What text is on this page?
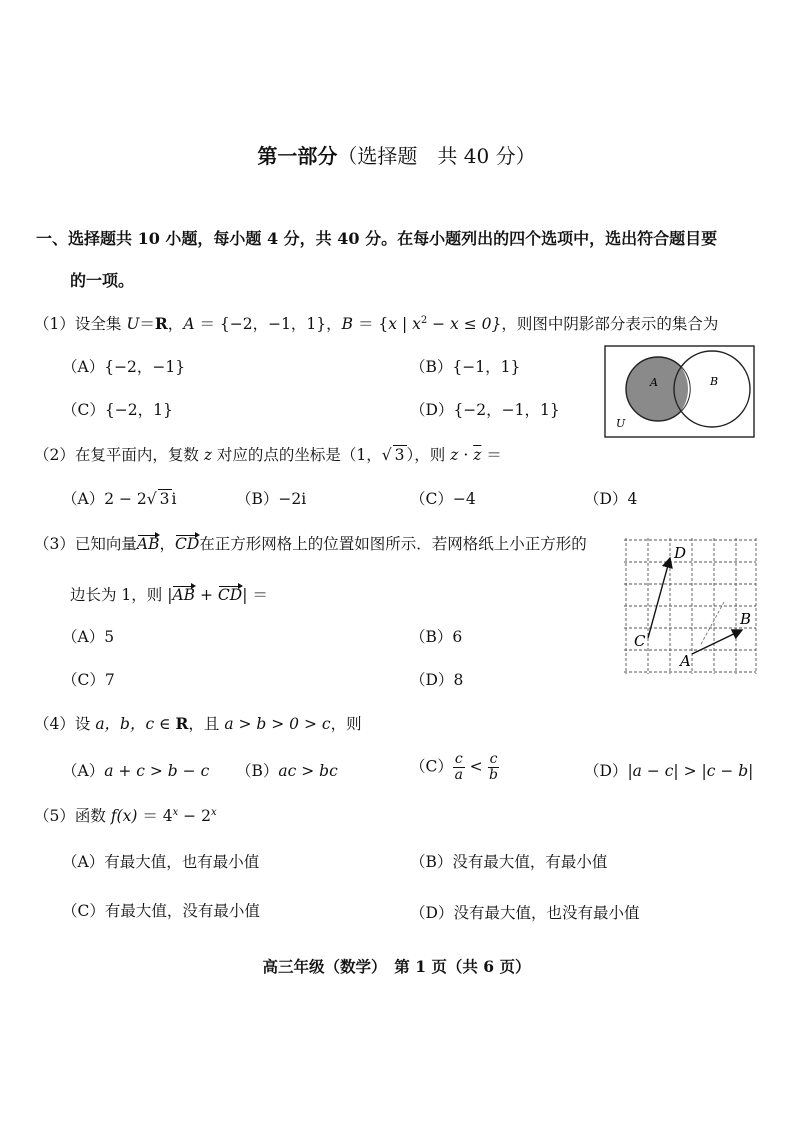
第一部分（选择题　共 40 分）
一、选择题共 10 小题，每小题 4 分，共 40 分。在每小题列出的四个选项中，选出符合题目要
的一项。
（1）设全集 U＝R，A ＝ {−2，−1，1}，B ＝ {x | $x^2 - x \le 0$}，则图中阴影部分表示的集合为
（A）{−2，−1}	（B）{−1，1}
（C）{−2，1}	（D）{−2，−1，1}
A	B
U
（2）在复平面内，复数 z 对应的点的坐标是（1，√ 3 ），则 $z \cdot \overline{z}$ ＝
（A）2 − 2√ 3 i	（B）−2i	（C）−4	（D）4
（3）已知向量AB，CD在正方形网格上的位置如图所示．若网格纸上小正方形的
边长为 1，则 |AB + CD| ＝
（A）5	（B）6
（C）7	（D）8
D
C
A
B
（4）设 a，b，c ∈ R，且 a > b > 0 > c，则
（A）a + c > b − c （B）ac > bc	$(C) \frac{c}{a} < \frac{c}{b}$	（D）|a − c| > |c − b|
（5）函数 $f(x) = 4^x - 2^x$
（A）有最大值，也有最小值	（B）没有最大值，有最小值
（C）有最大值，没有最小值	（D）没有最大值，也没有最小值
高三年级（数学）　第 1 页（共 6 页）
